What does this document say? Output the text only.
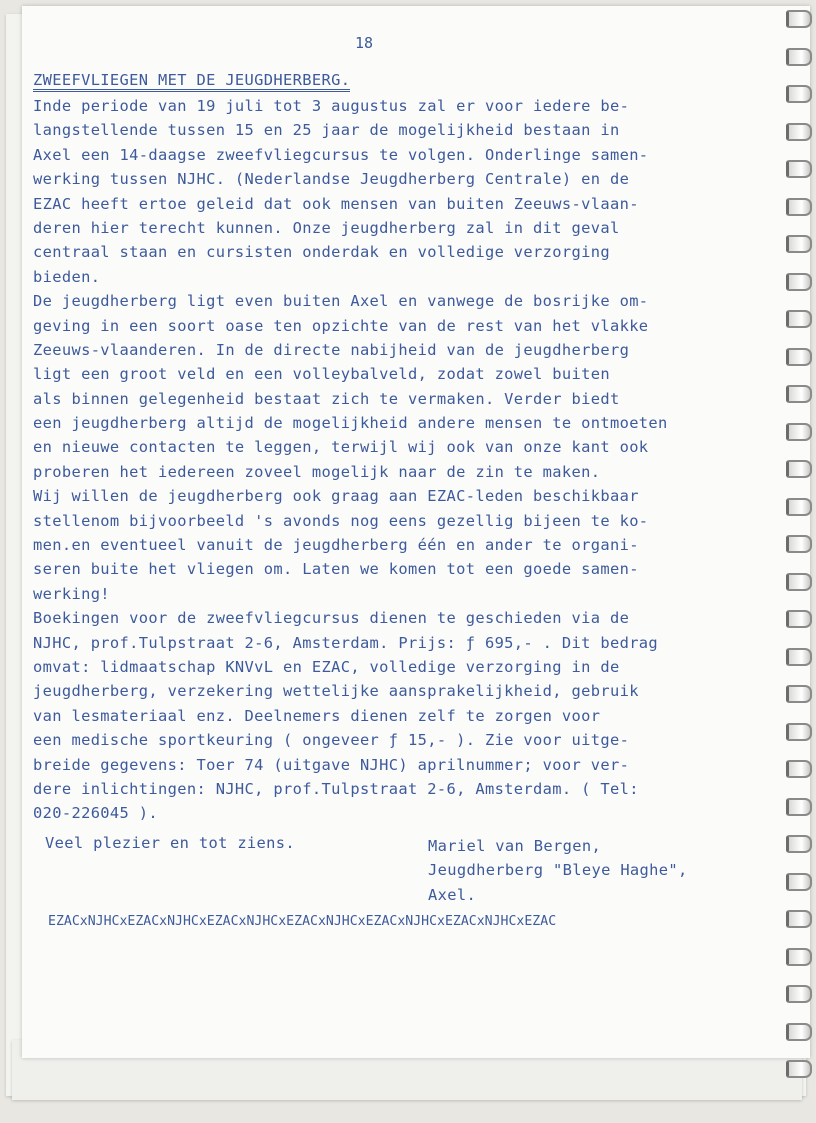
18
ZWEEFVLIEGEN MET DE JEUGDHERBERG.
Inde periode van 19 juli tot 3 augustus zal er voor iedere be-
langstellende tussen 15 en 25 jaar de mogelijkheid bestaan in
Axel een 14-daagse zweefvliegcursus te volgen. Onderlinge samen-
werking tussen NJHC. (Nederlandse Jeugdherberg Centrale) en de
EZAC heeft ertoe geleid dat ook mensen van buiten Zeeuws-vlaan-
deren hier terecht kunnen. Onze jeugdherberg zal in dit geval
centraal staan en cursisten onderdak en volledige verzorging
bieden.
De jeugdherberg ligt even buiten Axel en vanwege de bosrijke om-
geving in een soort oase ten opzichte van de rest van het vlakke
Zeeuws-vlaanderen. In de directe nabijheid van de jeugdherberg
ligt een groot veld en een volleybalveld, zodat zowel buiten
als binnen gelegenheid bestaat zich te vermaken. Verder biedt
een jeugdherberg altijd de mogelijkheid andere mensen te ontmoeten
en nieuwe contacten te leggen, terwijl wij ook van onze kant ook
proberen het iedereen zoveel mogelijk naar de zin te maken.
Wij willen de jeugdherberg ook graag aan EZAC-leden beschikbaar
stellenom bijvoorbeeld 's avonds nog eens gezellig bijeen te ko-
men.en eventueel vanuit de jeugdherberg één en ander te organi-
seren buite het vliegen om. Laten we komen tot een goede samen-
werking!
Boekingen voor de zweefvliegcursus dienen te geschieden via de
NJHC, prof.Tulpstraat 2-6, Amsterdam. Prijs: ƒ 695,- . Dit bedrag
omvat: lidmaatschap KNVvL en EZAC, volledige verzorging in de
jeugdherberg, verzekering wettelijke aansprakelijkheid, gebruik
van lesmateriaal enz. Deelnemers dienen zelf te zorgen voor
een medische sportkeuring ( ongeveer ƒ 15,- ). Zie voor uitge-
breide gegevens: Toer 74 (uitgave NJHC) aprilnummer; voor ver-
dere inlichtingen: NJHC, prof.Tulpstraat 2-6, Amsterdam. ( Tel:
020-226045 ).
Veel plezier en tot ziens.	Mariel van Bergen,
Jeugdherberg "Bleye Haghe",
Axel.
EZACxNJHCxEZACxNJHCxEZACxNJHCxEZACxNJHCxEZACxNJHCxEZACxNJHCxEZAC
